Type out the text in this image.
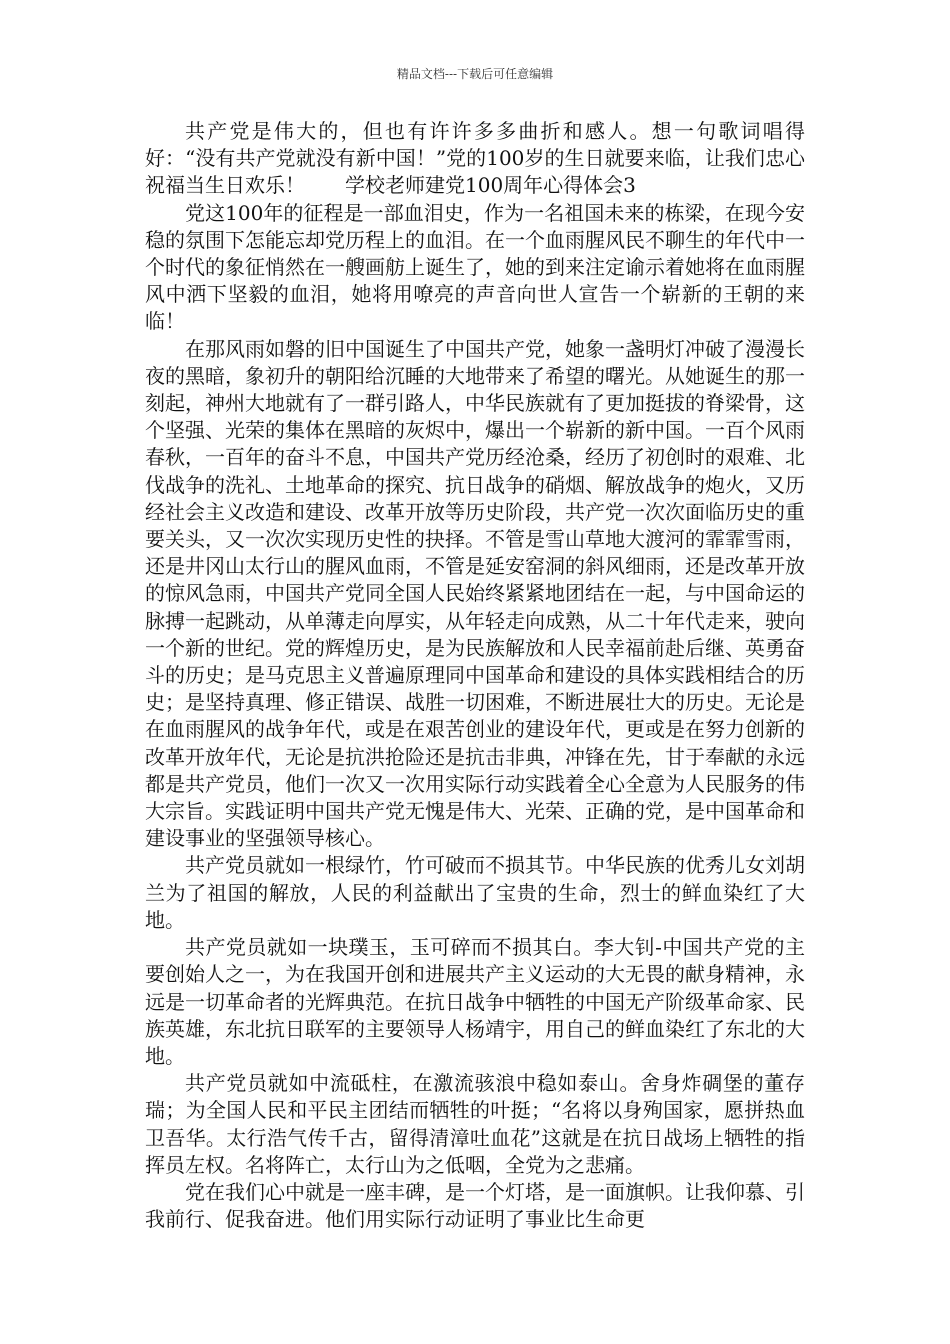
精品文档---下载后可任意编辑

共产党是伟大的，但也有许许多多曲折和感人。想一句歌词唱得好：“没有共产党就没有新中国！”党的100岁的生日就要来临，让我们忠心祝福当生日欢乐！　　学校老师建党100周年心得体会3

党这100年的征程是一部血泪史，作为一名祖国未来的栋梁，在现今安稳的氛围下怎能忘却党历程上的血泪。在一个血雨腥风民不聊生的年代中一个时代的象征悄然在一艘画舫上诞生了，她的到来注定谕示着她将在血雨腥风中洒下坚毅的血泪，她将用嘹亮的声音向世人宣告一个崭新的王朝的来临！

在那风雨如磐的旧中国诞生了中国共产党，她象一盏明灯冲破了漫漫长夜的黑暗，象初升的朝阳给沉睡的大地带来了希望的曙光。从她诞生的那一刻起，神州大地就有了一群引路人，中华民族就有了更加挺拔的脊梁骨，这个坚强、光荣的集体在黑暗的灰烬中，爆出一个崭新的新中国。一百个风雨春秋，一百年的奋斗不息，中国共产党历经沧桑，经历了初创时的艰难、北伐战争的洗礼、土地革命的探究、抗日战争的硝烟、解放战争的炮火，又历经社会主义改造和建设、改革开放等历史阶段，共产党一次次面临历史的重要关头，又一次次实现历史性的抉择。不管是雪山草地大渡河的霏霏雪雨，还是井冈山太行山的腥风血雨，不管是延安窑洞的斜风细雨，还是改革开放的惊风急雨，中国共产党同全国人民始终紧紧地团结在一起，与中国命运的脉搏一起跳动，从单薄走向厚实，从年轻走向成熟，从二十年代走来，驶向一个新的世纪。党的辉煌历史，是为民族解放和人民幸福前赴后继、英勇奋斗的历史；是马克思主义普遍原理同中国革命和建设的具体实践相结合的历史；是坚持真理、修正错误、战胜一切困难，不断进展壮大的历史。无论是在血雨腥风的战争年代，或是在艰苦创业的建设年代，更或是在努力创新的改革开放年代，无论是抗洪抢险还是抗击非典，冲锋在先，甘于奉献的永远都是共产党员，他们一次又一次用实际行动实践着全心全意为人民服务的伟大宗旨。实践证明中国共产党无愧是伟大、光荣、正确的党，是中国革命和建设事业的坚强领导核心。

共产党员就如一根绿竹，竹可破而不损其节。中华民族的优秀儿女刘胡兰为了祖国的解放，人民的利益献出了宝贵的生命，烈士的鲜血染红了大地。

共产党员就如一块璞玉，玉可碎而不损其白。李大钊-中国共产党的主要创始人之一，为在我国开创和进展共产主义运动的大无畏的献身精神，永远是一切革命者的光辉典范。在抗日战争中牺牲的中国无产阶级革命家、民族英雄，东北抗日联军的主要领导人杨靖宇，用自己的鲜血染红了东北的大地。

共产党员就如中流砥柱，在激流骇浪中稳如泰山。舍身炸碉堡的董存瑞；为全国人民和平民主团结而牺牲的叶挺；“名将以身殉国家，愿拼热血卫吾华。太行浩气传千古，留得清漳吐血花”这就是在抗日战场上牺牲的指挥员左权。名将阵亡，太行山为之低咽，全党为之悲痛。

党在我们心中就是一座丰碑，是一个灯塔，是一面旗帜。让我仰慕、引我前行、促我奋进。他们用实际行动证明了事业比生命更
